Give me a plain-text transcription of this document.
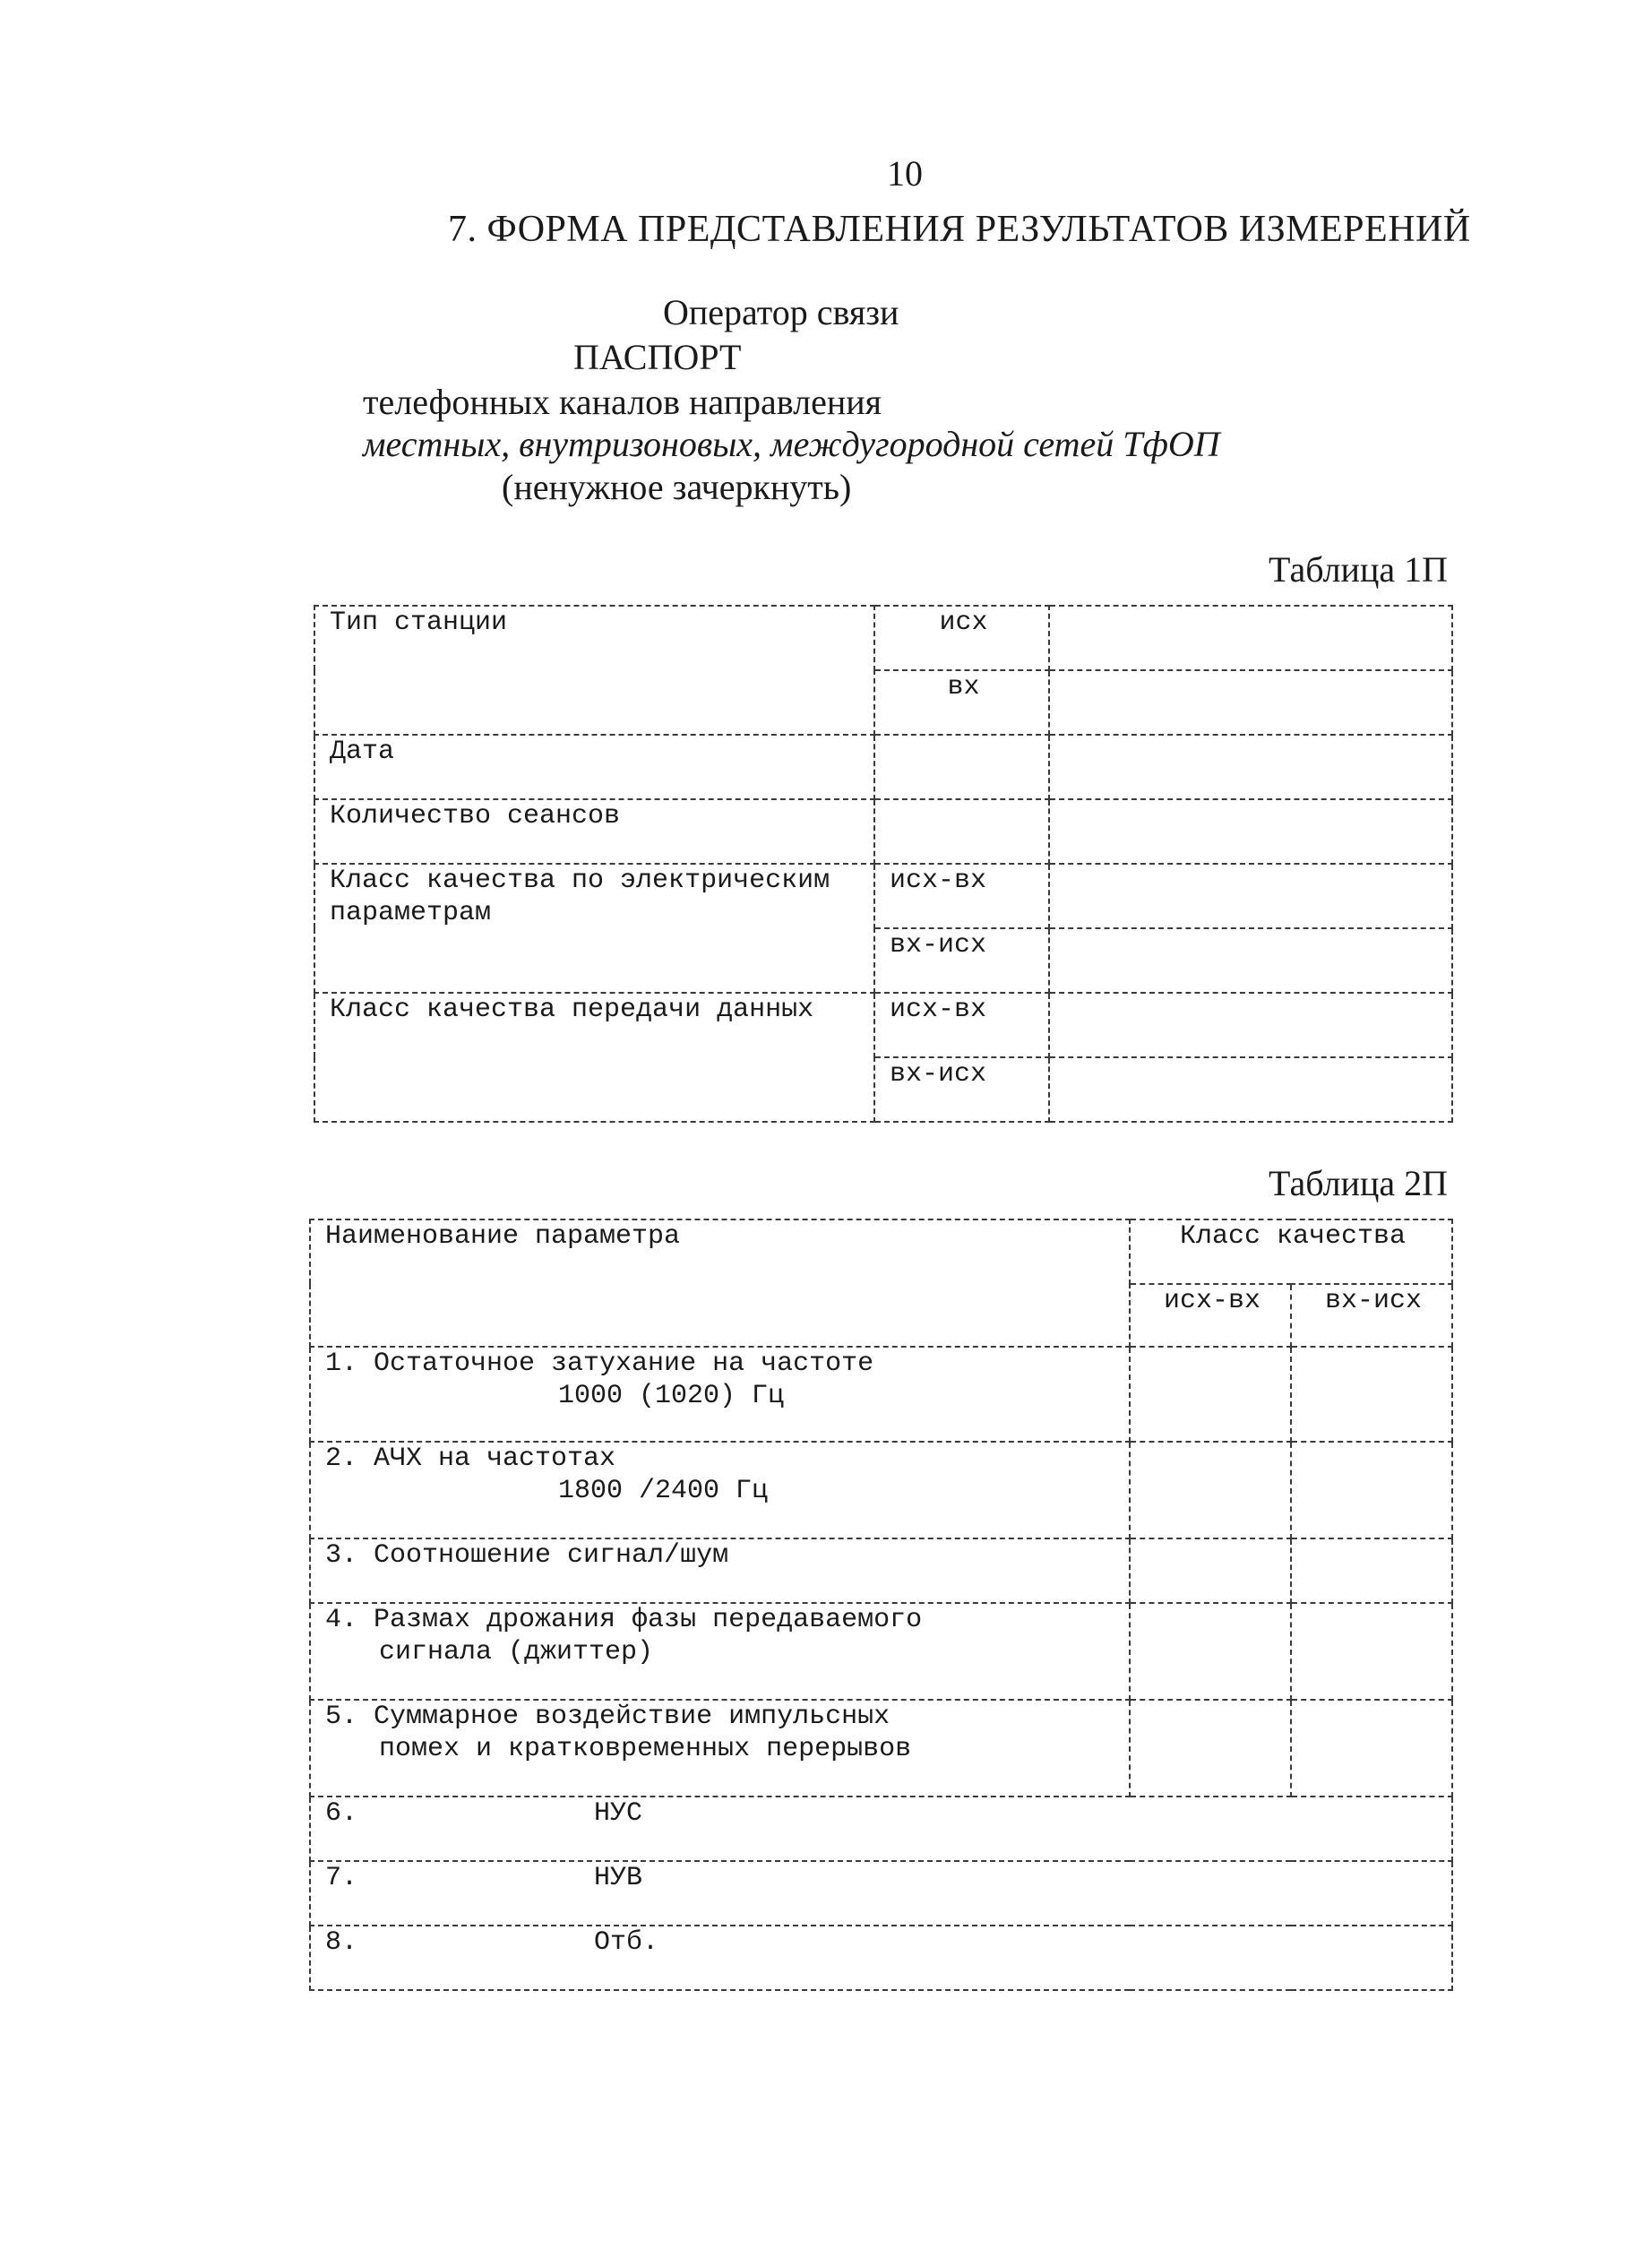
10
7. ФОРМА ПРЕДСТАВЛЕНИЯ РЕЗУЛЬТАТОВ ИЗМЕРЕНИЙ
Оператор связи
ПАСПОРТ
телефонных каналов направления
местных, внутризоновых, междугородной сетей ТфОП
(ненужное зачеркнуть)
Таблица 1П
Тип станции	исх	
	вх	
Дата		
Количество сеансов		
Класс качества по электрическим параметрам	исх-вх	
	вх-исх	
Класс качества передачи данных	исх-вх	
	вх-исх	
Таблица 2П
Наименование параметра	Класс качества	
	исх-вх	вх-исх
1. Остаточное затухание на частоте
1000 (1020) Гц		

2. АЧХ на частотах
1800 /2400 Гц		

3. Соотношение сигнал/шум		
4. Размах дрожания фазы передаваемого
сигнала (джиттер)		

5. Суммарное воздействие импульсных
помех и кратковременных перерывов		

6. НУС		
7. НУВ		
8. Отб.		
